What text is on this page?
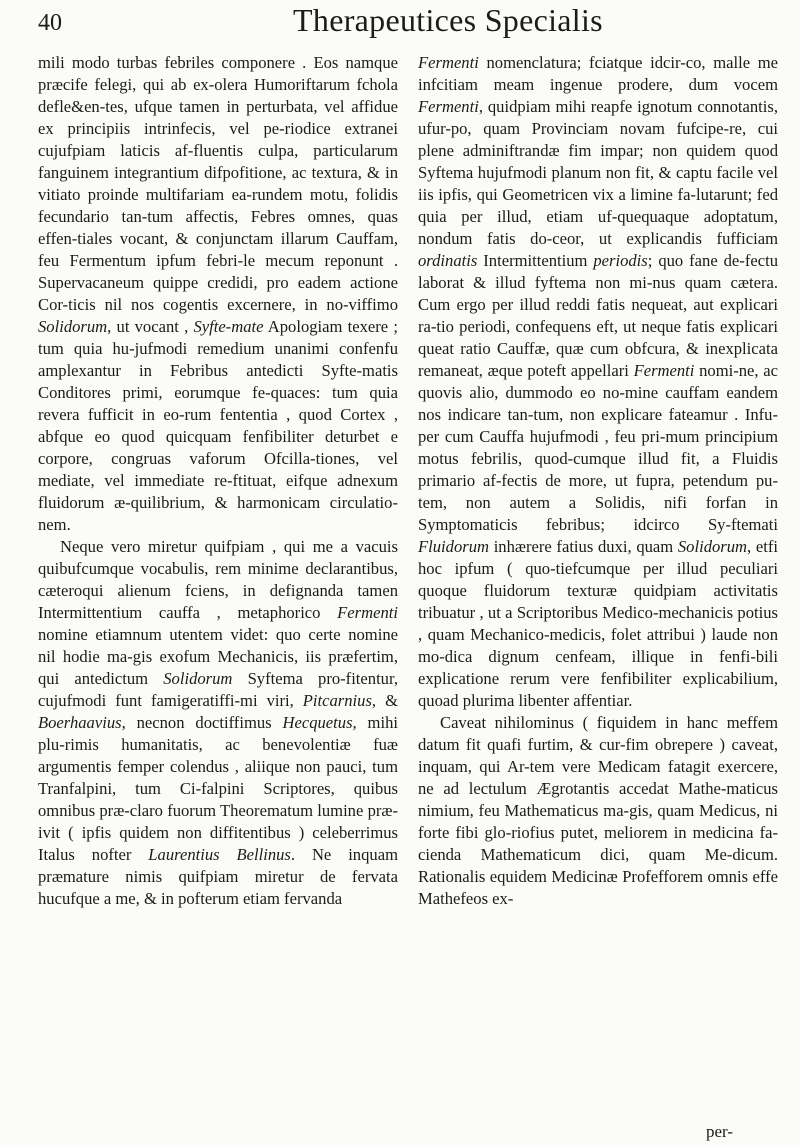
40	Therapeutices Specialis

mili modo turbas febriles componere . Eos namque præcife felegi, qui ab ex-olera Humoriftarum fchola defle&en-tes, ufque tamen in perturbata, vel affidue ex principiis intrinfecis, vel pe-riodice extranei cujufpiam laticis af-fluentis culpa, particularum fanguinem integrantium difpofitione, ac textura, & in vitiato proinde multifariam ea-rundem motu, folidis fecundario tan-tum affectis, Febres omnes, quas effen-tiales vocant, & conjunctam illarum Cauffam, feu Fermentum ipfum febri-le mecum reponunt . Supervacaneum quippe credidi, pro eadem actione Cor-ticis nil nos cogentis excernere, in no-viffimo Solidorum, ut vocant , Syfte-mate Apologiam texere ; tum quia hu-jufmodi remedium unanimi confenfu amplexantur in Febribus antedicti Syfte-matis Conditores primi, eorumque fe-quaces: tum quia revera fufficit in eo-rum fententia , quod Cortex , abfque eo quod quicquam fenfibiliter deturbet e corpore, congruas vaforum Ofcilla-tiones, vel mediate, vel immediate re-ftituat, eifque adnexum fluidorum æ-quilibrium, & harmonicam circulatio-nem.

Neque vero miretur quifpiam , qui me a vacuis quibufcumque vocabulis, rem minime declarantibus, cæteroqui alienum fciens, in defignanda tamen Intermittentium cauffa , metaphorico Fermenti nomine etiamnum utentem videt: quo certe nomine nil hodie ma-gis exofum Mechanicis, iis præfertim, qui antedictum Solidorum Syftema pro-fitentur, cujufmodi funt famigeratiffi-mi viri, Pitcarnius, & Boerhaavius, necnon doctiffimus Hecquetus, mihi plu-rimis humanitatis, ac benevolentiæ fuæ argumentis femper colendus , aliique non pauci, tum Tranfalpini, tum Ci-falpini Scriptores, quibus omnibus præ-claro fuorum Theorematum lumine præ-ivit ( ipfis quidem non diffitentibus ) celeberrimus Italus nofter Laurentius Bellinus. Ne inquam præmature nimis quifpiam miretur de fervata hucufque a me, & in pofterum etiam fervanda

Fermenti nomenclatura; fciatque idcir-co, malle me infcitiam meam ingenue prodere, dum vocem Fermenti, quidpiam mihi reapfe ignotum connotantis, ufur-po, quam Provinciam novam fufcipe-re, cui plene adminiftrandæ fim impar; non quidem quod Syftema hujufmodi planum non fit, & captu facile vel iis ipfis, qui Geometricen vix a limine fa-lutarunt; fed quia per illud, etiam uf-quequaque adoptatum, nondum fatis do-ceor, ut explicandis fufficiam ordinatis Intermittentium periodis; quo fane de-fectu laborat & illud fyftema non mi-nus quam cætera. Cum ergo per illud reddi fatis nequeat, aut explicari ra-tio periodi, confequens eft, ut neque fatis explicari queat ratio Cauffæ, quæ cum obfcura, & inexplicata remaneat, æque poteft appellari Fermenti nomi-ne, ac quovis alio, dummodo eo no-mine cauffam eandem nos indicare tan-tum, non explicare fateamur . Infu-per cum Cauffa hujufmodi , feu pri-mum principium motus febrilis, quod-cumque illud fit, a Fluidis primario af-fectis de more, ut fupra, petendum pu-tem, non autem a Solidis, nifi forfan in Symptomaticis febribus; idcirco Sy-ftemati Fluidorum inhærere fatius duxi, quam Solidorum, etfi hoc ipfum ( quo-tiefcumque per illud peculiari quoque fluidorum texturæ quidpiam activitatis tribuatur , ut a Scriptoribus Medico-mechanicis potius , quam Mechanico-medicis, folet attribui ) laude non mo-dica dignum cenfeam, illique in fenfi-bili explicatione rerum vere fenfibiliter explicabilium, quoad plurima libenter affentiar.

Caveat nihilominus ( fiquidem in hanc meffem datum fit quafi furtim, & cur-fim obrepere ) caveat, inquam, qui Ar-tem vere Medicam fatagit exercere, ne ad lectulum Ægrotantis accedat Mathe-maticus nimium, feu Mathematicus ma-gis, quam Medicus, ni forte fibi glo-riofius putet, meliorem in medicina fa-cienda Mathematicum dici, quam Me-dicum. Rationalis equidem Medicinæ Profefforem omnis effe Mathefeos ex-

per-
